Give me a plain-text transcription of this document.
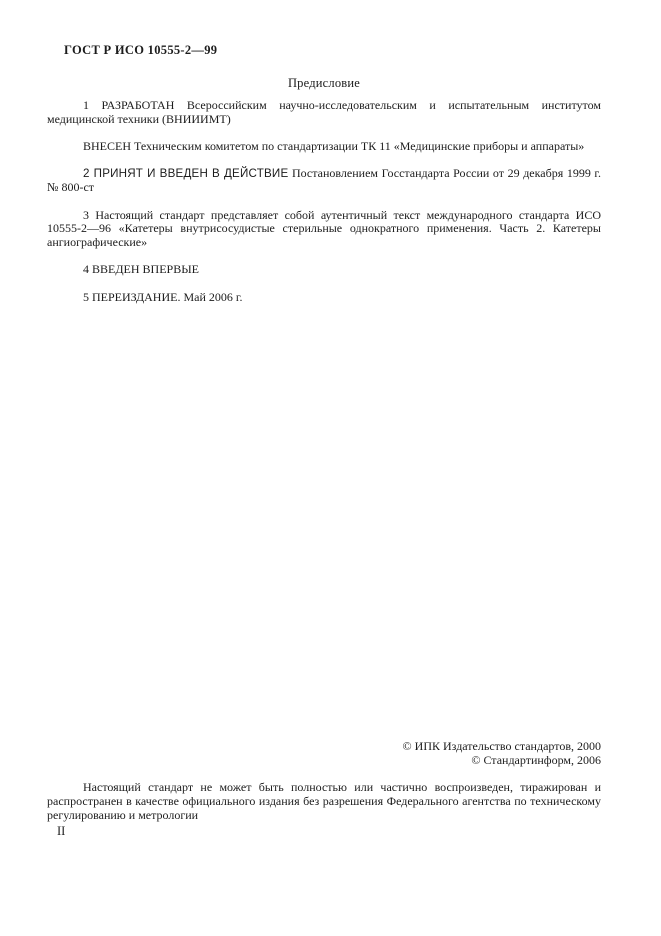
ГОСТ Р ИСО 10555-2—99
Предисловие

1 РАЗРАБОТАН Всероссийским научно-исследовательским и испытательным институтом медицинской техники (ВНИИИМТ)

ВНЕСЕН Техническим комитетом по стандартизации ТК 11 «Медицинские приборы и аппараты»

2 ПРИНЯТ И ВВЕДЕН В ДЕЙСТВИЕ Постановлением Госстандарта России от 29 декабря 1999 г. № 800-ст

3 Настоящий стандарт представляет собой аутентичный текст международного стандарта ИСО 10555-2—96 «Катетеры внутрисосудистые стерильные однократного применения. Часть 2. Катетеры ангиографические»

4 ВВЕДЕН ВПЕРВЫЕ

5 ПЕРЕИЗДАНИЕ. Май 2006 г.

© ИПК Издательство стандартов, 2000
© Стандартинформ, 2006

Настоящий стандарт не может быть полностью или частично воспроизведен, тиражирован и распространен в качестве официального издания без разрешения Федерального агентства по техническому регулированию и метрологии

II
